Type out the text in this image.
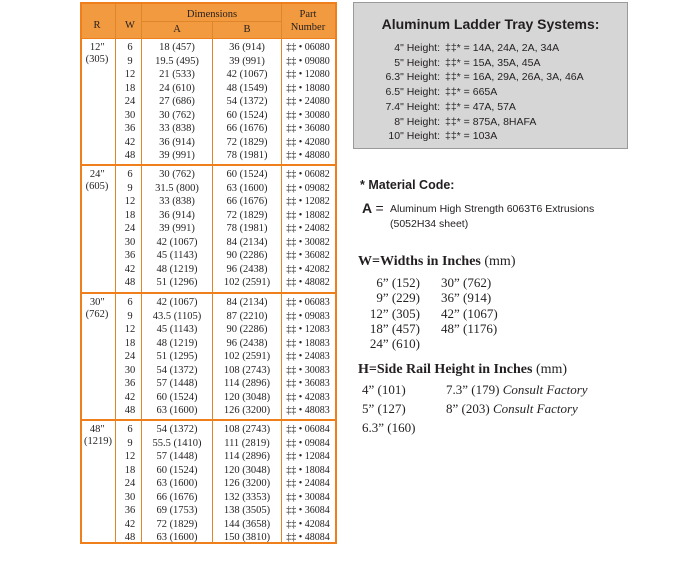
R	W
Dimensions
A	B
Part
Number
12ʺ
(305)
6	18 (457)	36 (914)	‡‡ • 06080
9	19.5 (495)	39 (991)	‡‡ • 09080
12	21 (533)	42 (1067)	‡‡ • 12080
18	24 (610)	48 (1549)	‡‡ • 18080
24	27 (686)	54 (1372)	‡‡ • 24080
30	30 (762)	60 (1524)	‡‡ • 30080
36	33 (838)	66 (1676)	‡‡ • 36080
42	36 (914)	72 (1829)	‡‡ • 42080
48	39 (991)	78 (1981)	‡‡ • 48080
24ʺ
(605)
6	30 (762)	60 (1524)	‡‡ • 06082
9	31.5 (800)	63 (1600)	‡‡ • 09082
12	33 (838)	66 (1676)	‡‡ • 12082
18	36 (914)	72 (1829)	‡‡ • 18082
24	39 (991)	78 (1981)	‡‡ • 24082
30	42 (1067)	84 (2134)	‡‡ • 30082
36	45 (1143)	90 (2286)	‡‡ • 36082
42	48 (1219)	96 (2438)	‡‡ • 42082
48	51 (1296)	102 (2591)	‡‡ • 48082
30ʺ
(762)
6	42 (1067)	84 (2134)	‡‡ • 06083
9	43.5 (1105)	87 (2210)	‡‡ • 09083
12	45 (1143)	90 (2286)	‡‡ • 12083
18	48 (1219)	96 (2438)	‡‡ • 18083
24	51 (1295)	102 (2591)	‡‡ • 24083
30	54 (1372)	108 (2743)	‡‡ • 30083
36	57 (1448)	114 (2896)	‡‡ • 36083
42	60 (1524)	120 (3048)	‡‡ • 42083
48	63 (1600)	126 (3200)	‡‡ • 48083
48ʺ
(1219)
6	54 (1372)	108 (2743)	‡‡ • 06084
9	55.5 (1410)	111 (2819)	‡‡ • 09084
12	57 (1448)	114 (2896)	‡‡ • 12084
18	60 (1524)	120 (3048)	‡‡ • 18084
24	63 (1600)	126 (3200)	‡‡ • 24084
30	66 (1676)	132 (3353)	‡‡ • 30084
36	69 (1753)	138 (3505)	‡‡ • 36084
42	72 (1829)	144 (3658)	‡‡ • 42084
48	63 (1600)	150 (3810)	‡‡ • 48084
Aluminum Ladder Tray Systems:
4" Height: ‡‡* = 14A, 24A, 2A, 34A
5" Height: ‡‡* = 15A, 35A, 45A
6.3" Height: ‡‡* = 16A, 29A, 26A, 3A, 46A
6.5" Height: ‡‡* = 665A
7.4" Height: ‡‡* = 47A, 57A
8" Height: ‡‡* = 875A, 8HAFA
10" Height: ‡‡* = 103A
* Material Code:
A = Aluminum High Strength 6063T6 Extrusions
(5052H34 sheet)
W=Widths in Inches (mm)
6” (152)
9” (229)
12” (305)
18” (457)
24” (610)
30” (762)
36” (914)
42” (1067)
48” (1176)
H=Side Rail Height in Inches (mm)
4” (101)
5” (127)
6.3” (160)
7.3” (179) Consult Factory
8” (203) Consult Factory
